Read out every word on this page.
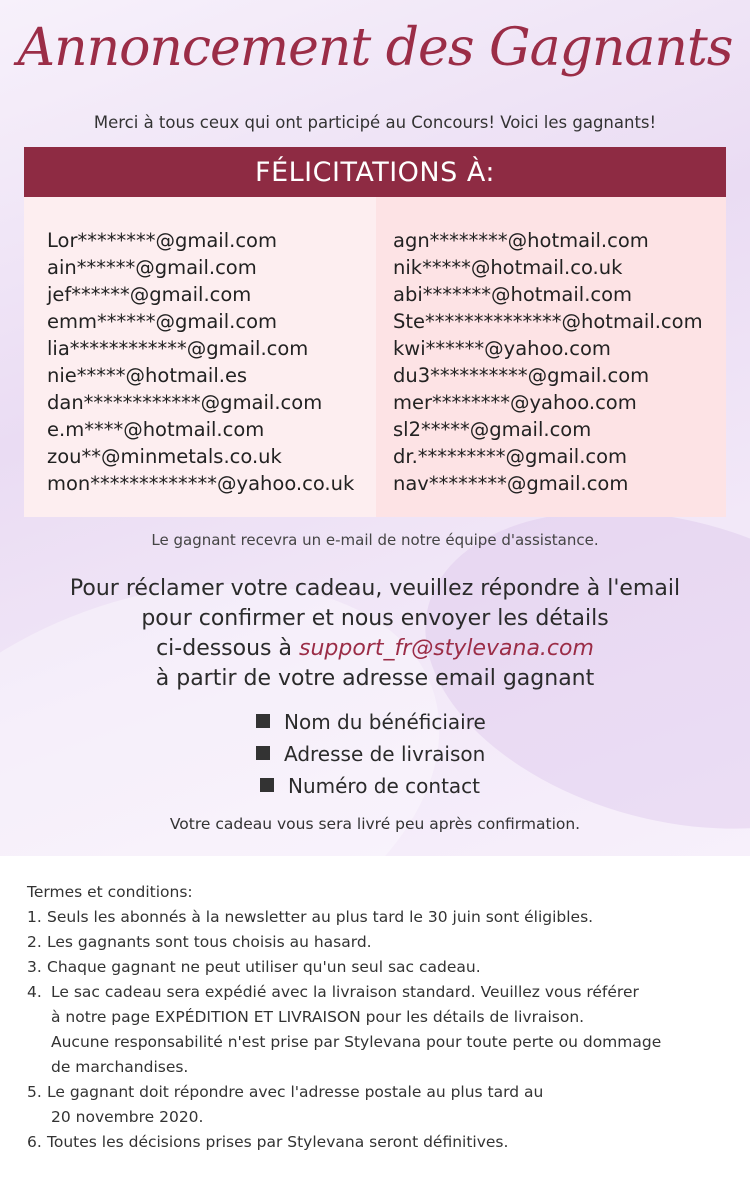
Annoncement des Gagnants
Merci à tous ceux qui ont participé au Concours! Voici les gagnants!
FÉLICITATIONS À:
Lor********@gmail.com
ain******@gmail.com
jef******@gmail.com
emm******@gmail.com
lia************@gmail.com
nie*****@hotmail.es
dan************@gmail.com
e.m****@hotmail.com
zou**@minmetals.co.uk
mon*************@yahoo.co.uk
agn********@hotmail.com
nik*****@hotmail.co.uk
abi*******@hotmail.com
Ste**************@hotmail.com
kwi******@yahoo.com
du3**********@gmail.com
mer********@yahoo.com
sl2*****@gmail.com
dr.*********@gmail.com
nav********@gmail.com
Le gagnant recevra un e-mail de notre équipe d'assistance.
Pour réclamer votre cadeau, veuillez répondre à l'email
pour confirmer et nous envoyer les détails
ci-dessous à support_fr@stylevana.com
à partir de votre adresse email gagnant
Nom du bénéficiaire
Adresse de livraison
Numéro de contact
Votre cadeau vous sera livré peu après confirmation.
Termes et conditions:
1. Seuls les abonnés à la newsletter au plus tard le 30 juin sont éligibles.
2. Les gagnants sont tous choisis au hasard.
3. Chaque gagnant ne peut utiliser qu'un seul sac cadeau.
4. Le sac cadeau sera expédié avec la livraison standard. Veuillez vous référer
à notre page EXPÉDITION ET LIVRAISON pour les détails de livraison.
Aucune responsabilité n'est prise par Stylevana pour toute perte ou dommage
de marchandises.
5. Le gagnant doit répondre avec l'adresse postale au plus tard au
20 novembre 2020.
6. Toutes les décisions prises par Stylevana seront définitives.
